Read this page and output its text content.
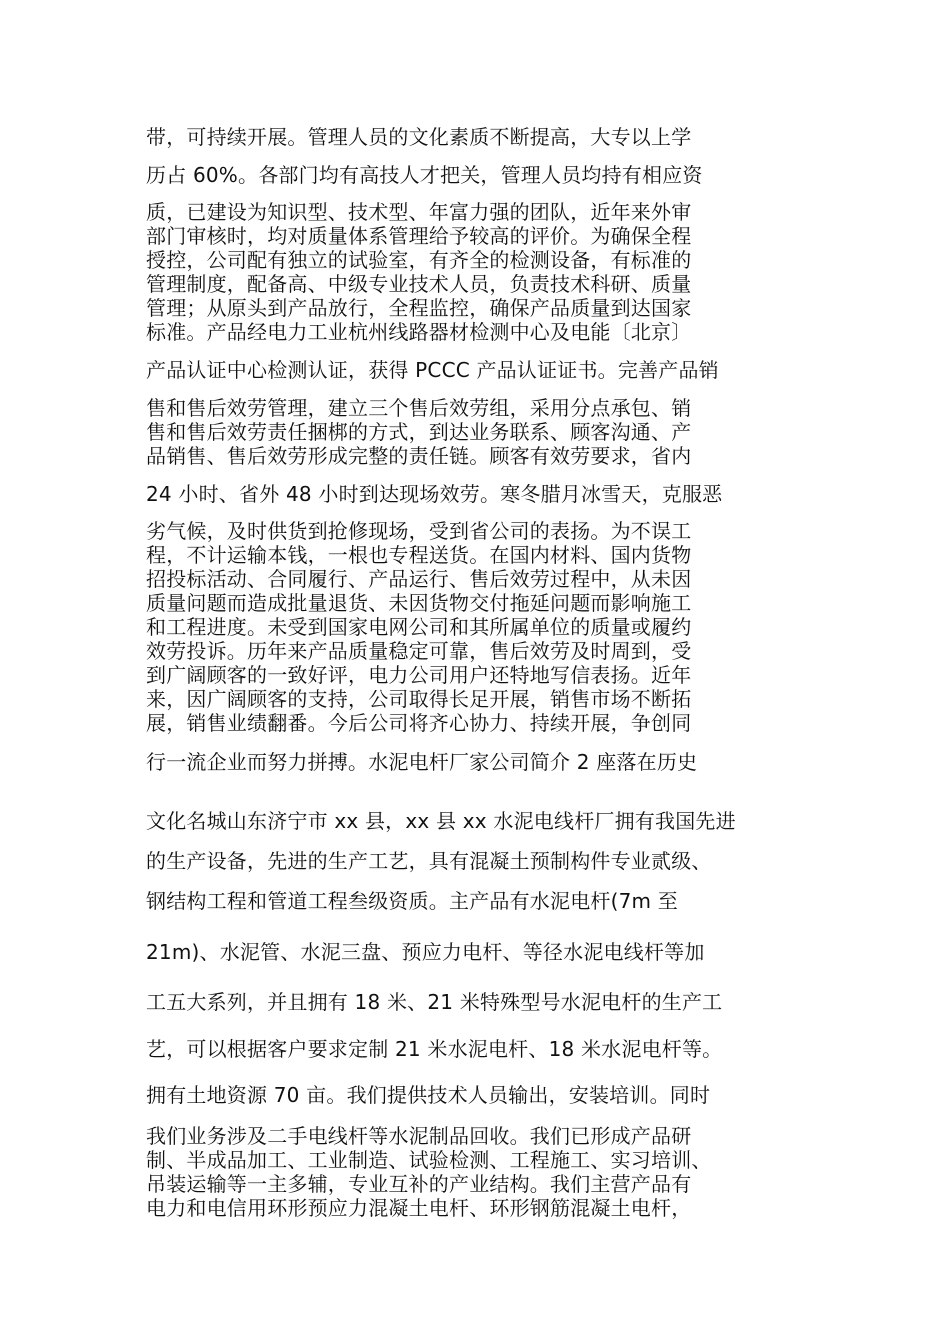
带，可持续开展。管理人员的文化素质不断提高，大专以上学
历占 60%。各部门均有高技人才把关，管理人员均持有相应资
质，已建设为知识型、技术型、年富力强的团队，近年来外审
部门审核时，均对质量体系管理给予较高的评价。为确保全程
授控，公司配有独立的试验室，有齐全的检测设备，有标准的
管理制度，配备高、中级专业技术人员，负责技术科研、质量
管理；从原头到产品放行，全程监控，确保产品质量到达国家
标准。产品经电力工业杭州线路器材检测中心及电能〔北京〕
产品认证中心检测认证，获得 PCCC 产品认证证书。完善产品销
售和售后效劳管理，建立三个售后效劳组，采用分点承包、销
售和售后效劳责任捆梆的方式，到达业务联系、顾客沟通、产
品销售、售后效劳形成完整的责任链。顾客有效劳要求，省内
24 小时、省外 48 小时到达现场效劳。寒冬腊月冰雪天，克服恶
劣气候，及时供货到抢修现场，受到省公司的表扬。为不误工
程，不计运输本钱，一根也专程送货。在国内材料、国内货物
招投标活动、合同履行、产品运行、售后效劳过程中，从未因
质量问题而造成批量退货、未因货物交付拖延问题而影响施工
和工程进度。未受到国家电网公司和其所属单位的质量或履约
效劳投诉。历年来产品质量稳定可靠，售后效劳及时周到，受
到广阔顾客的一致好评，电力公司用户还特地写信表扬。近年
来，因广阔顾客的支持，公司取得长足开展，销售市场不断拓
展，销售业绩翻番。今后公司将齐心协力、持续开展，争创同
行一流企业而努力拼搏。水泥电杆厂家公司简介 2 座落在历史
文化名城山东济宁市 xx 县，xx 县 xx 水泥电线杆厂拥有我国先进
的生产设备，先进的生产工艺，具有混凝土预制构件专业贰级、
钢结构工程和管道工程叁级资质。主产品有水泥电杆(7m 至
21m)、水泥管、水泥三盘、预应力电杆、等径水泥电线杆等加
工五大系列，并且拥有 18 米、21 米特殊型号水泥电杆的生产工
艺，可以根据客户要求定制 21 米水泥电杆、18 米水泥电杆等。
拥有土地资源 70 亩。我们提供技术人员输出，安装培训。同时
我们业务涉及二手电线杆等水泥制品回收。我们已形成产品研
制、半成品加工、工业制造、试验检测、工程施工、实习培训、
吊装运输等一主多辅，专业互补的产业结构。我们主营产品有
电力和电信用环形预应力混凝土电杆、环形钢筋混凝土电杆，
